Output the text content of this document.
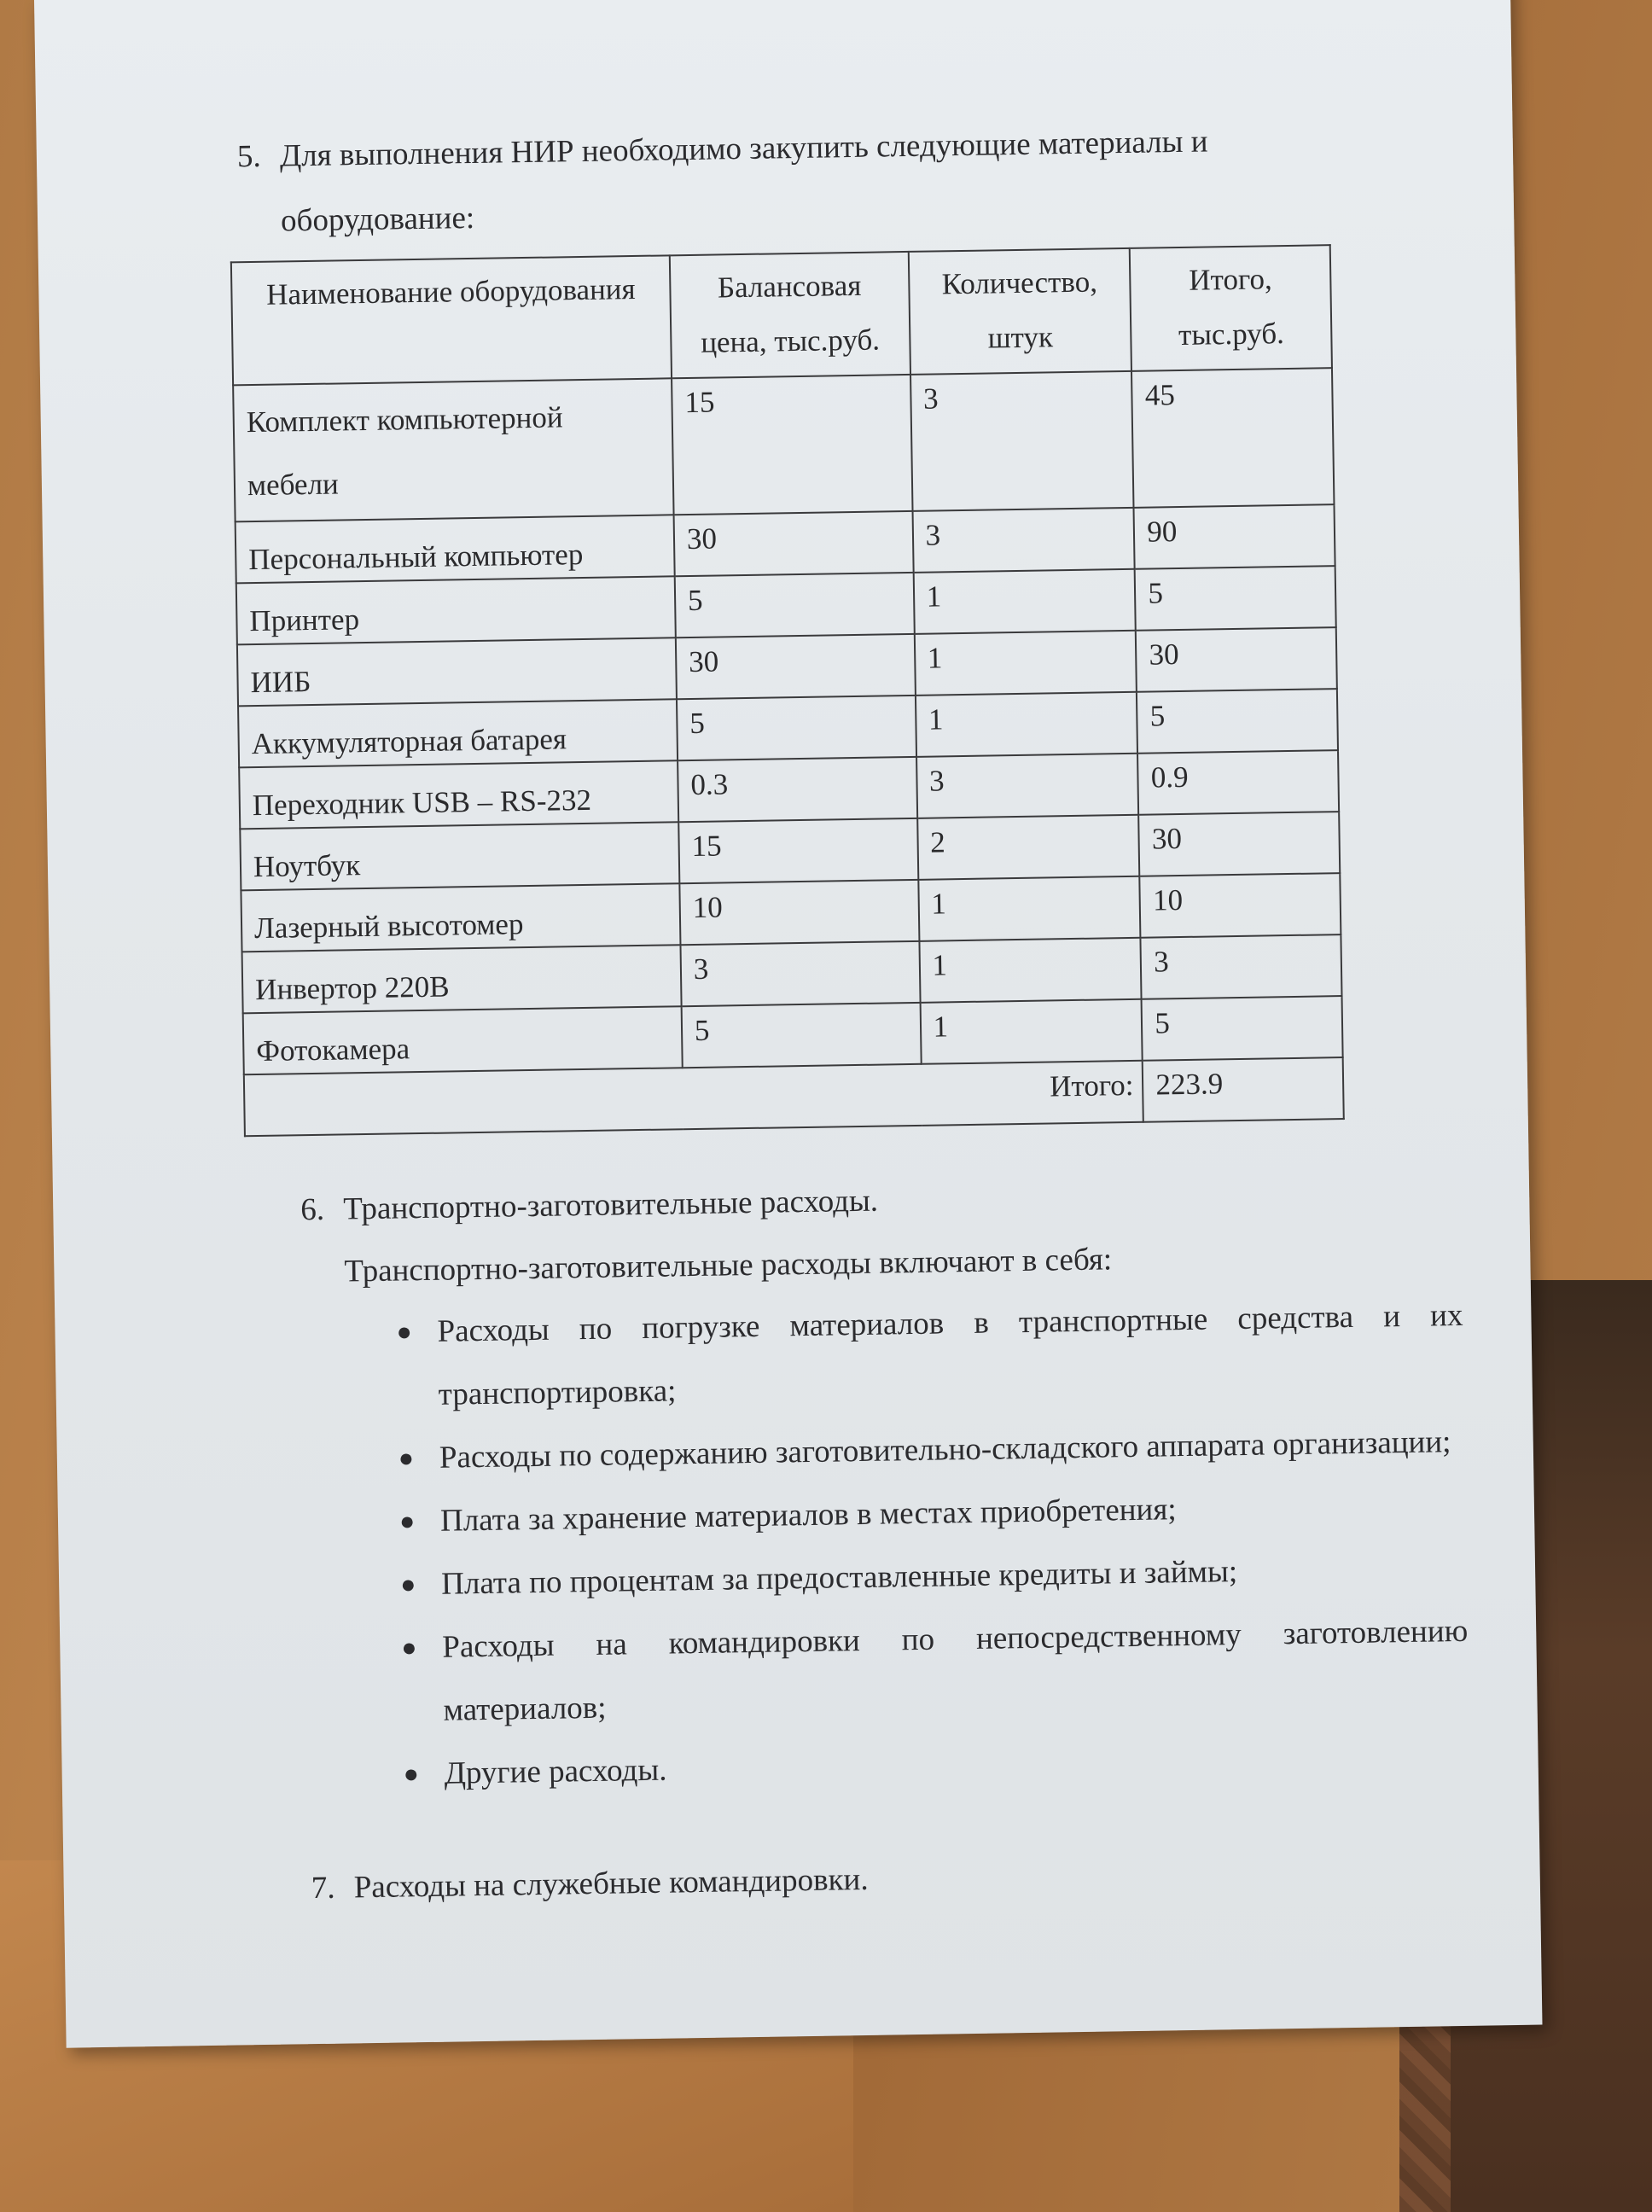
5. Для выполнения НИР необходимо закупить следующие материалы и
оборудование:
Наименование оборудования	Балансовая цена, тыс.руб.	Количество, штук	Итого, тыс.руб.
Комплект компьютерной мебели	15	3	45
Персональный компьютер	30	3	90
Принтер	5	1	5
ИИБ	30	1	30
Аккумуляторная батарея	5	1	5
Переходник USB – RS-232	0.3	3	0.9
Ноутбук	15	2	30
Лазерный высотомер	10	1	10
Инвертор 220В	3	1	3
Фотокамера	5	1	5
Итого:			223.9
6. Транспортно-заготовительные расходы.
Транспортно-заготовительные расходы включают в себя:
● Расходы по погрузке материалов в транспортные средства и их транспортировка;
● Расходы по содержанию заготовительно-складского аппарата организации;
● Плата за хранение материалов в местах приобретения;
● Плата по процентам за предоставленные кредиты и займы;
● Расходы на командировки по непосредственному заготовлению материалов;
● Другие расходы.
7. Расходы на служебные командировки.
